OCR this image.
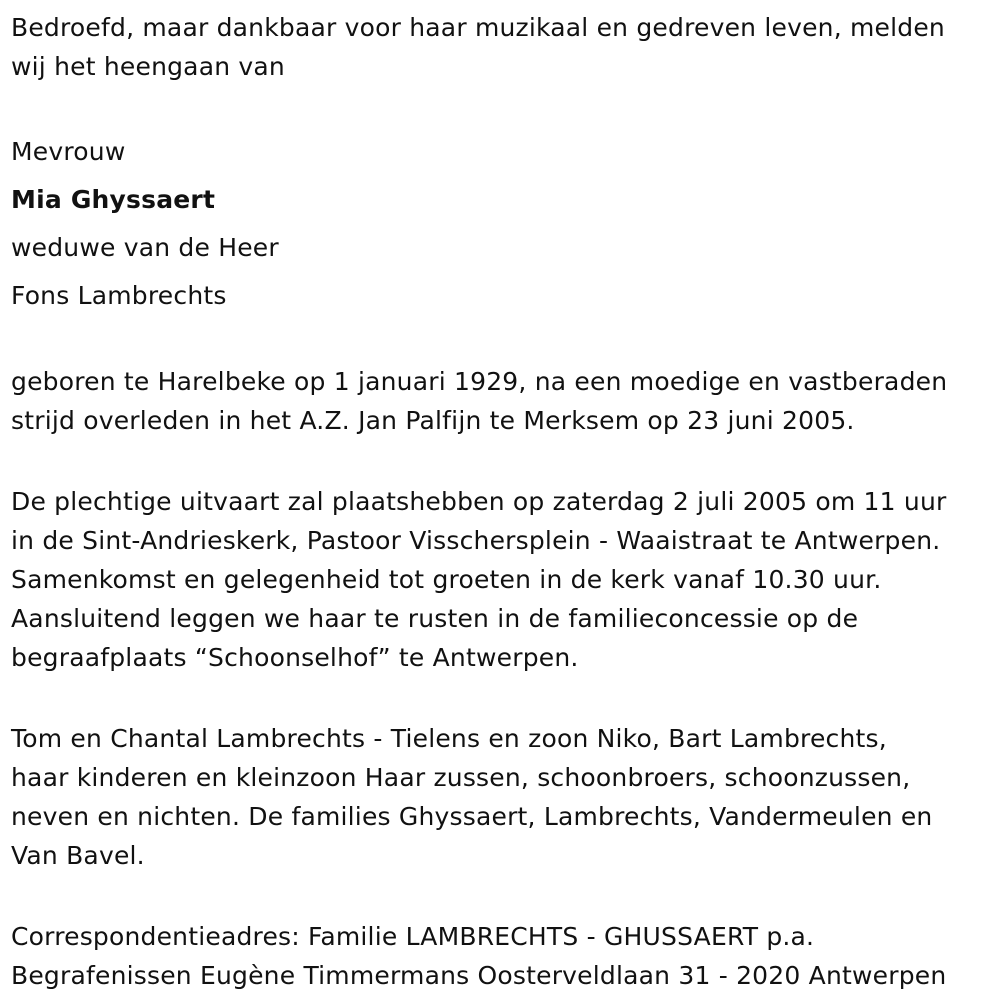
Bedroefd, maar dankbaar voor haar muzikaal en gedreven leven, melden
wij het heengaan van

Mevrouw
Mia Ghyssaert
weduwe van de Heer
Fons Lambrechts

geboren te Harelbeke op 1 januari 1929, na een moedige en vastberaden
strijd overleden in het A.Z. Jan Palfijn te Merksem op 23 juni 2005.

De plechtige uitvaart zal plaatshebben op zaterdag 2 juli 2005 om 11 uur
in de Sint-Andrieskerk, Pastoor Visschersplein - Waaistraat te Antwerpen.
Samenkomst en gelegenheid tot groeten in de kerk vanaf 10.30 uur.
Aansluitend leggen we haar te rusten in de familieconcessie op de
begraafplaats “Schoonselhof” te Antwerpen.

Tom en Chantal Lambrechts - Tielens en zoon Niko, Bart Lambrechts,
haar kinderen en kleinzoon Haar zussen, schoonbroers, schoonzussen,
neven en nichten. De families Ghyssaert, Lambrechts, Vandermeulen en
Van Bavel.

Correspondentieadres: Familie LAMBRECHTS - GHUSSAERT p.a.
Begrafenissen Eugène Timmermans Oosterveldlaan 31 - 2020 Antwerpen
